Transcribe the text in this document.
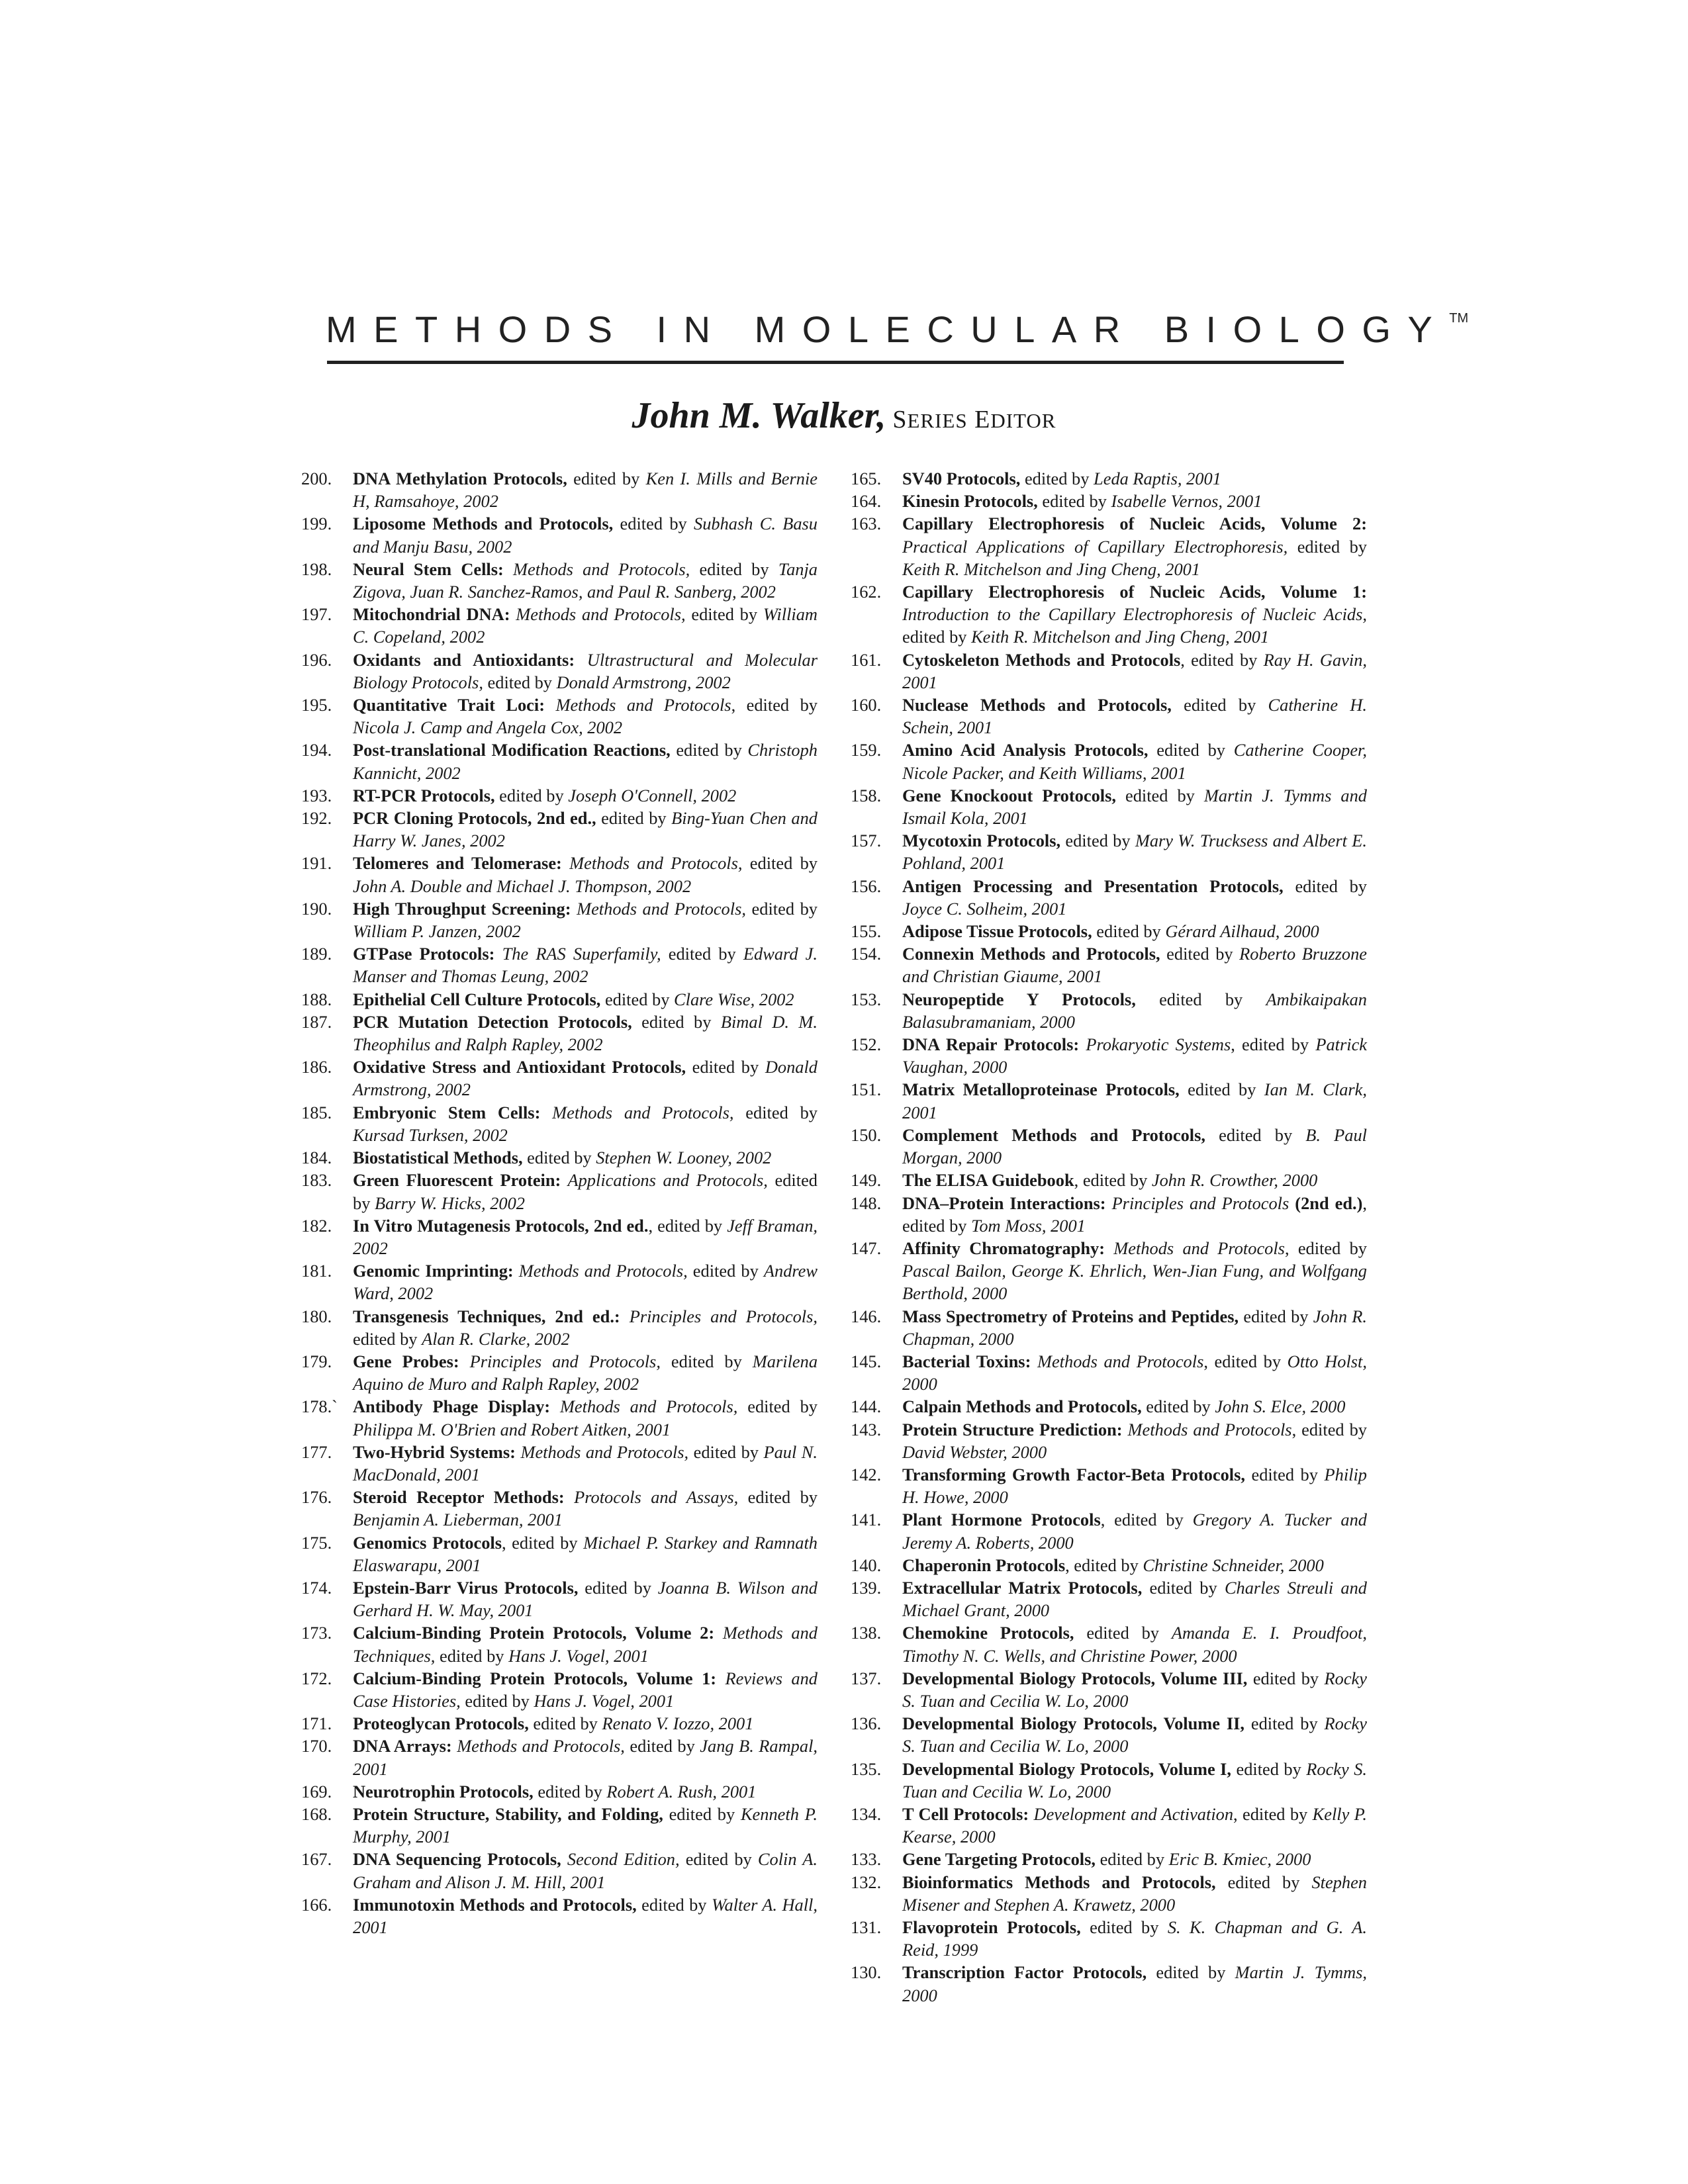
METHODS IN MOLECULAR BIOLOGY™
John M. Walker, SERIES EDITOR
200.	DNA Methylation Protocols, edited by Ken I. Mills and Bernie H, Ramsahoye, 2002
199.	Liposome Methods and Protocols, edited by Subhash C. Basu and Manju Basu, 2002
198.	Neural Stem Cells: Methods and Protocols, edited by Tanja Zigova, Juan R. Sanchez-Ramos, and Paul R. Sanberg, 2002
197.	Mitochondrial DNA: Methods and Protocols, edited by William C. Copeland, 2002
196.	Oxidants and Antioxidants: Ultrastructural and Molecular Biology Protocols, edited by Donald Armstrong, 2002
195.	Quantitative Trait Loci: Methods and Protocols, edited by Nicola J. Camp and Angela Cox, 2002
194.	Post-translational Modification Reactions, edited by Christoph Kannicht, 2002
193.	RT-PCR Protocols, edited by Joseph O'Connell, 2002
192.	PCR Cloning Protocols, 2nd ed., edited by Bing-Yuan Chen and Harry W. Janes, 2002
191.	Telomeres and Telomerase: Methods and Protocols, edited by John A. Double and Michael J. Thompson, 2002
190.	High Throughput Screening: Methods and Protocols, edited by William P. Janzen, 2002
189.	GTPase Protocols: The RAS Superfamily, edited by Edward J. Manser and Thomas Leung, 2002
188.	Epithelial Cell Culture Protocols, edited by Clare Wise, 2002
187.	PCR Mutation Detection Protocols, edited by Bimal D. M. Theophilus and Ralph Rapley, 2002
186.	Oxidative Stress and Antioxidant Protocols, edited by Donald Armstrong, 2002
185.	Embryonic Stem Cells: Methods and Protocols, edited by Kursad Turksen, 2002
184.	Biostatistical Methods, edited by Stephen W. Looney, 2002
183.	Green Fluorescent Protein: Applications and Protocols, edited by Barry W. Hicks, 2002
182.	In Vitro Mutagenesis Protocols, 2nd ed., edited by Jeff Braman, 2002
181.	Genomic Imprinting: Methods and Protocols, edited by Andrew Ward, 2002
180.	Transgenesis Techniques, 2nd ed.: Principles and Protocols, edited by Alan R. Clarke, 2002
179.	Gene Probes: Principles and Protocols, edited by Marilena Aquino de Muro and Ralph Rapley, 2002
178.` Antibody Phage Display: Methods and Protocols, edited by Philippa M. O'Brien and Robert Aitken, 2001
177.	Two-Hybrid Systems: Methods and Protocols, edited by Paul N. MacDonald, 2001
176.	Steroid Receptor Methods: Protocols and Assays, edited by Benjamin A. Lieberman, 2001
175.	Genomics Protocols, edited by Michael P. Starkey and Ramnath Elaswarapu, 2001
174.	Epstein-Barr Virus Protocols, edited by Joanna B. Wilson and Gerhard H. W. May, 2001
173.	Calcium-Binding Protein Protocols, Volume 2: Methods and Techniques, edited by Hans J. Vogel, 2001
172.	Calcium-Binding Protein Protocols, Volume 1: Reviews and Case Histories, edited by Hans J. Vogel, 2001
171.	Proteoglycan Protocols, edited by Renato V. Iozzo, 2001
170.	DNA Arrays: Methods and Protocols, edited by Jang B. Rampal, 2001
169.	Neurotrophin Protocols, edited by Robert A. Rush, 2001
168.	Protein Structure, Stability, and Folding, edited by Kenneth P. Murphy, 2001
167.	DNA Sequencing Protocols, Second Edition, edited by Colin A. Graham and Alison J. M. Hill, 2001
166.	Immunotoxin Methods and Protocols, edited by Walter A. Hall, 2001
165.	SV40 Protocols, edited by Leda Raptis, 2001
164.	Kinesin Protocols, edited by Isabelle Vernos, 2001
163.	Capillary Electrophoresis of Nucleic Acids, Volume 2: Practical Applications of Capillary Electrophoresis, edited by Keith R. Mitchelson and Jing Cheng, 2001
162.	Capillary Electrophoresis of Nucleic Acids, Volume 1: Introduction to the Capillary Electrophoresis of Nucleic Acids, edited by Keith R. Mitchelson and Jing Cheng, 2001
161.	Cytoskeleton Methods and Protocols, edited by Ray H. Gavin, 2001
160.	Nuclease Methods and Protocols, edited by Catherine H. Schein, 2001
159.	Amino Acid Analysis Protocols, edited by Catherine Cooper, Nicole Packer, and Keith Williams, 2001
158.	Gene Knockoout Protocols, edited by Martin J. Tymms and Ismail Kola, 2001
157.	Mycotoxin Protocols, edited by Mary W. Trucksess and Albert E. Pohland, 2001
156.	Antigen Processing and Presentation Protocols, edited by Joyce C. Solheim, 2001
155.	Adipose Tissue Protocols, edited by Gérard Ailhaud, 2000
154.	Connexin Methods and Protocols, edited by Roberto Bruzzone and Christian Giaume, 2001
153.	Neuropeptide Y Protocols, edited by Ambikaipakan Balasubramaniam, 2000
152.	DNA Repair Protocols: Prokaryotic Systems, edited by Patrick Vaughan, 2000
151.	Matrix Metalloproteinase Protocols, edited by Ian M. Clark, 2001
150.	Complement Methods and Protocols, edited by B. Paul Morgan, 2000
149.	The ELISA Guidebook, edited by John R. Crowther, 2000
148.	DNA–Protein Interactions: Principles and Protocols (2nd ed.), edited by Tom Moss, 2001
147.	Affinity Chromatography: Methods and Protocols, edited by Pascal Bailon, George K. Ehrlich, Wen-Jian Fung, and Wolfgang Berthold, 2000
146.	Mass Spectrometry of Proteins and Peptides, edited by John R. Chapman, 2000
145.	Bacterial Toxins: Methods and Protocols, edited by Otto Holst, 2000
144.	Calpain Methods and Protocols, edited by John S. Elce, 2000
143.	Protein Structure Prediction: Methods and Protocols, edited by David Webster, 2000
142.	Transforming Growth Factor-Beta Protocols, edited by Philip H. Howe, 2000
141.	Plant Hormone Protocols, edited by Gregory A. Tucker and Jeremy A. Roberts, 2000
140.	Chaperonin Protocols, edited by Christine Schneider, 2000
139.	Extracellular Matrix Protocols, edited by Charles Streuli and Michael Grant, 2000
138.	Chemokine Protocols, edited by Amanda E. I. Proudfoot, Timothy N. C. Wells, and Christine Power, 2000
137.	Developmental Biology Protocols, Volume III, edited by Rocky S. Tuan and Cecilia W. Lo, 2000
136.	Developmental Biology Protocols, Volume II, edited by Rocky S. Tuan and Cecilia W. Lo, 2000
135.	Developmental Biology Protocols, Volume I, edited by Rocky S. Tuan and Cecilia W. Lo, 2000
134.	T Cell Protocols: Development and Activation, edited by Kelly P. Kearse, 2000
133.	Gene Targeting Protocols, edited by Eric B. Kmiec, 2000
132.	Bioinformatics Methods and Protocols, edited by Stephen Misener and Stephen A. Krawetz, 2000
131.	Flavoprotein Protocols, edited by S. K. Chapman and G. A. Reid, 1999
130.	Transcription Factor Protocols, edited by Martin J. Tymms, 2000
